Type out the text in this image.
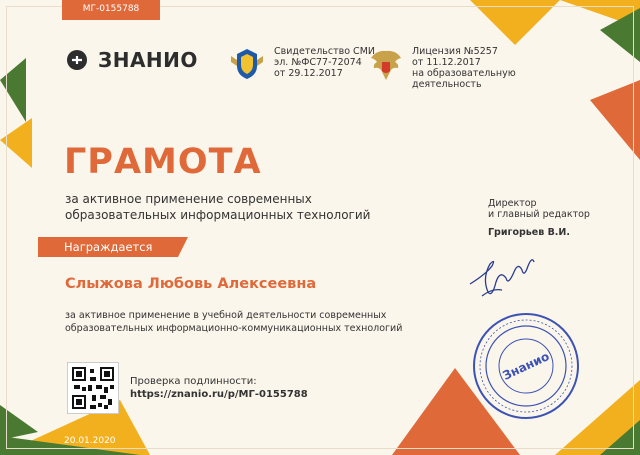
МГ-0155788
ЗНАНИО	Свидетельство СМИ
эл. №ФС77-72074
от 29.12.2017
Лицензия №5257
от 11.12.2017
на образовательную
деятельность
ГРАМОТА
за активное применение современных
образовательных информационных технологий
Награждается
Слыжова Любовь Алексеевна
за активное применение в учебной деятельности современных
образовательных информационно-коммуникационных технологий
Проверка подлинности:
https://znanio.ru/p/МГ-0155788
20.01.2020
Директор
и главный редактор
Григорьев В.И.
Знанио
